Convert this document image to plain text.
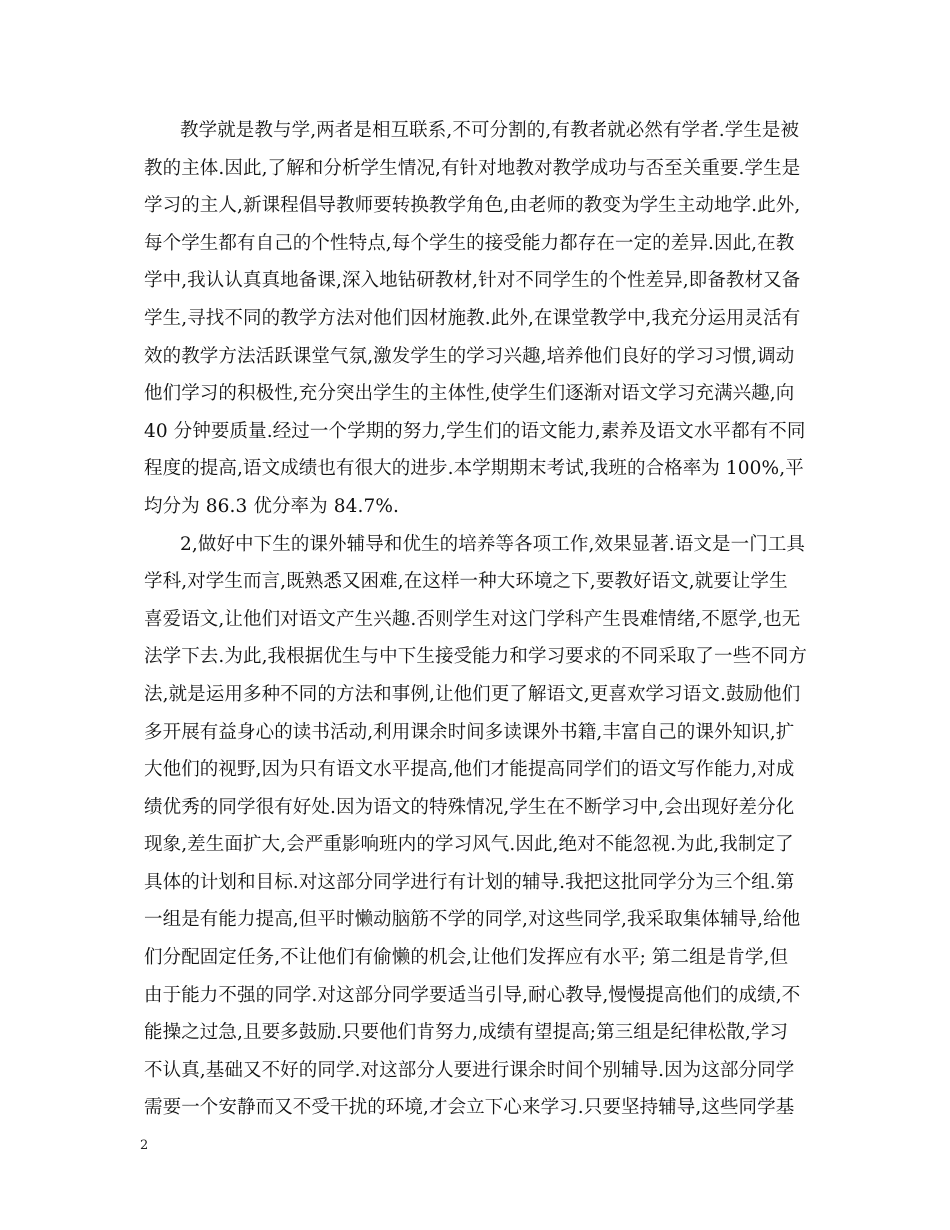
教学就是教与学,两者是相互联系,不可分割的,有教者就必然有学者.学生是被
教的主体.因此,了解和分析学生情况,有针对地教对教学成功与否至关重要.学生是
学习的主人,新课程倡导教师要转换教学角色,由老师的教变为学生主动地学.此外,
每个学生都有自己的个性特点,每个学生的接受能力都存在一定的差异.因此,在教
学中,我认认真真地备课,深入地钻研教材,针对不同学生的个性差异,即备教材又备
学生,寻找不同的教学方法对他们因材施教.此外,在课堂教学中,我充分运用灵活有
效的教学方法活跃课堂气氛,激发学生的学习兴趣,培养他们良好的学习习惯,调动
他们学习的积极性,充分突出学生的主体性,使学生们逐渐对语文学习充满兴趣,向
40 分钟要质量.经过一个学期的努力,学生们的语文能力,素养及语文水平都有不同
程度的提高,语文成绩也有很大的进步.本学期期末考试,我班的合格率为 100%,平
均分为 86.3 优分率为 84.7%.
2,做好中下生的课外辅导和优生的培养等各项工作,效果显著.语文是一门工具
学科,对学生而言,既熟悉又困难,在这样一种大环境之下,要教好语文,就要让学生
喜爱语文,让他们对语文产生兴趣.否则学生对这门学科产生畏难情绪,不愿学,也无
法学下去.为此,我根据优生与中下生接受能力和学习要求的不同采取了一些不同方
法,就是运用多种不同的方法和事例,让他们更了解语文,更喜欢学习语文.鼓励他们
多开展有益身心的读书活动,利用课余时间多读课外书籍,丰富自己的课外知识,扩
大他们的视野,因为只有语文水平提高,他们才能提高同学们的语文写作能力,对成
绩优秀的同学很有好处.因为语文的特殊情况,学生在不断学习中,会出现好差分化
现象,差生面扩大,会严重影响班内的学习风气.因此,绝对不能忽视.为此,我制定了
具体的计划和目标.对这部分同学进行有计划的辅导.我把这批同学分为三个组.第
一组是有能力提高,但平时懒动脑筋不学的同学,对这些同学,我采取集体辅导,给他
们分配固定任务,不让他们有偷懒的机会,让他们发挥应有水平; 第二组是肯学,但
由于能力不强的同学.对这部分同学要适当引导,耐心教导,慢慢提高他们的成绩,不
能操之过急,且要多鼓励.只要他们肯努力,成绩有望提高;第三组是纪律松散,学习
不认真,基础又不好的同学.对这部分人要进行课余时间个别辅导.因为这部分同学
需要一个安静而又不受干扰的环境,才会立下心来学习.只要坚持辅导,这些同学基
2
